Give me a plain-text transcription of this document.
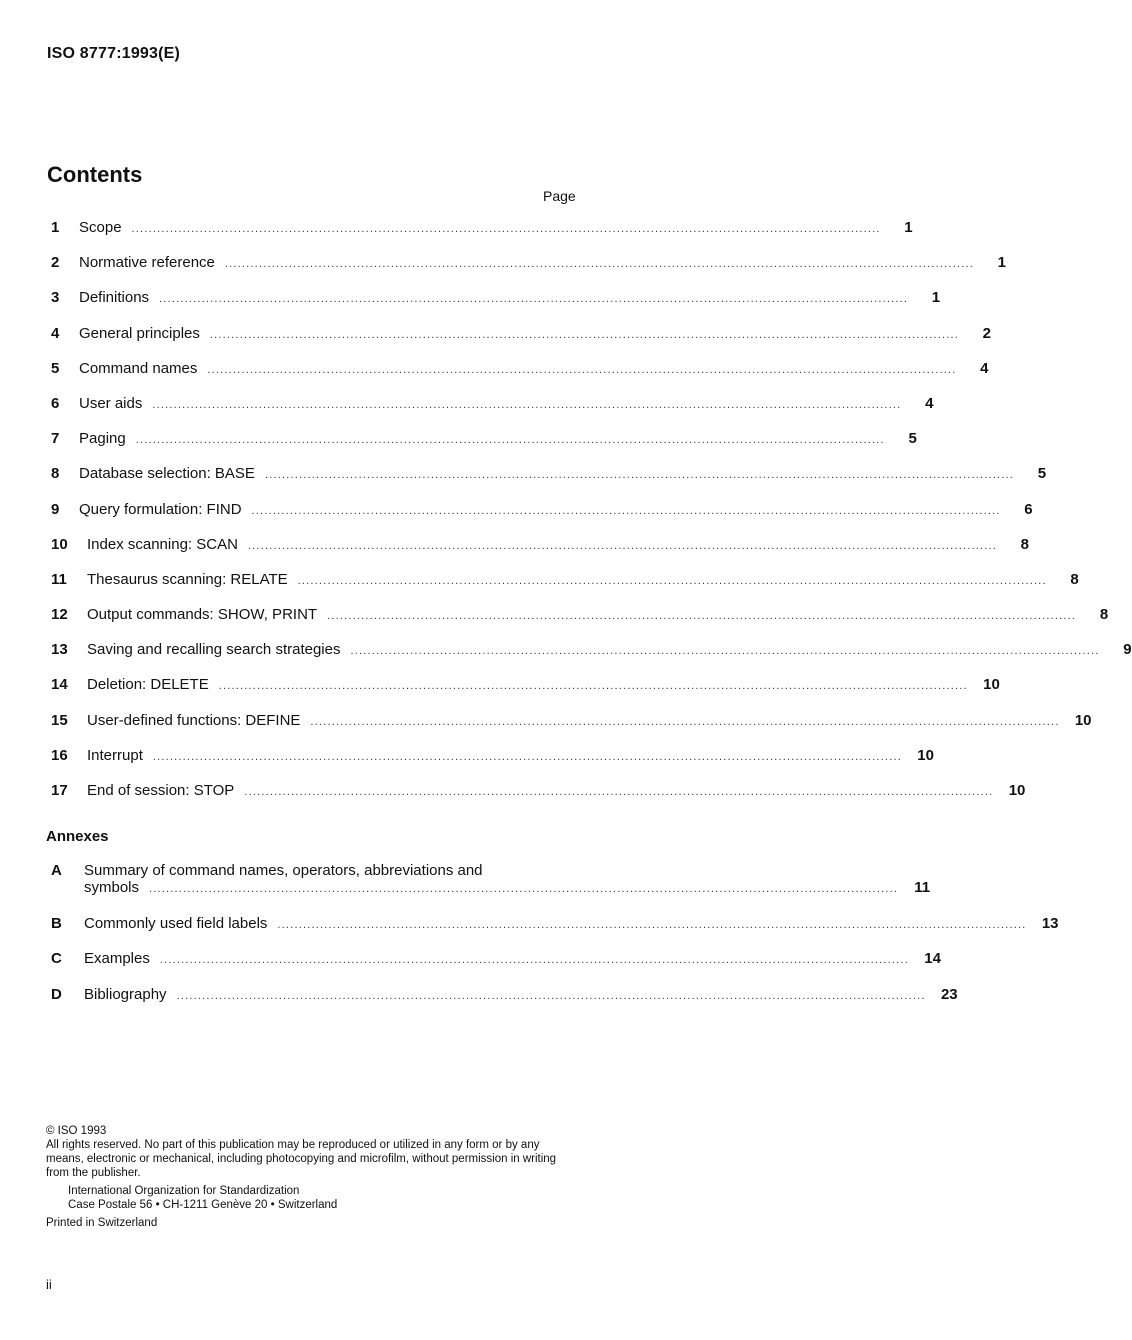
ISO 8777:1993(E)
Contents
Page
1	Scope .....	1
2	Normative reference .....	1
3	Definitions .....	1
4	General principles .....	2
5	Command names .....	4
6	User aids .....	4
7	Paging .....	5
8	Database selection: BASE .....	5
9	Query formulation: FIND .....	6
10	Index scanning: SCAN .....	8
11	Thesaurus scanning: RELATE .....	8
12	Output commands: SHOW, PRINT .....	8
13	Saving and recalling search strategies .....	9
14	Deletion: DELETE .....	10
15	User-defined functions: DEFINE .....	10
16	Interrupt .....	10
17	End of session: STOP .....	10
Annexes
A	Summary of command names, operators, abbreviations and
symbols .....	11
B	Commonly used field labels .....	13
C	Examples .....	14
D	Bibliography .....	23
© ISO 1993
All rights reserved. No part of this publication may be reproduced or utilized in any form or by any means, electronic or mechanical, including photocopying and microfilm, without permission in writing from the publisher.
International Organization for Standardization
Case Postale 56 • CH-1211 Genève 20 • Switzerland
Printed in Switzerland
ii
